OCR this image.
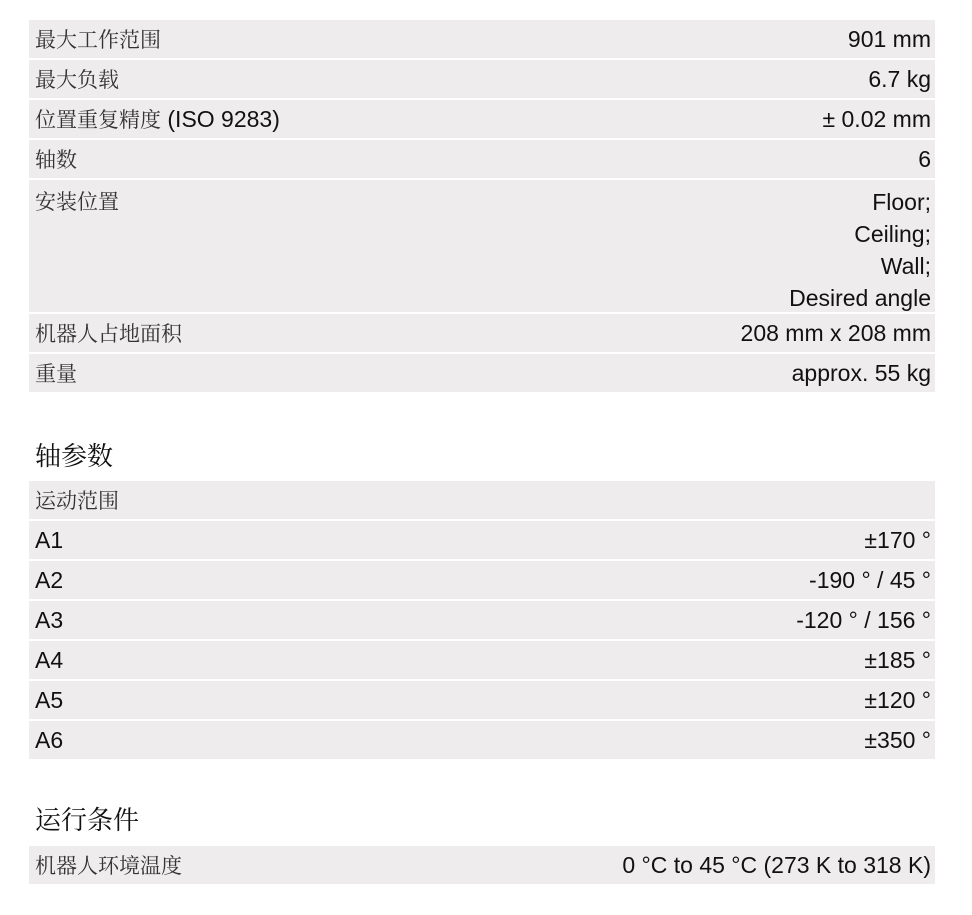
最大工作范围	901 mm
最大负载	6.7 kg
位置重复精度 (ISO 9283)	± 0.02 mm
轴数	6
安装位置	Floor;
Ceiling;
Wall;
Desired angle
机器人占地面积	208 mm x 208 mm
重量	approx. 55 kg
轴参数
运动范围
A1	±170 °
A2	-190 ° / 45 °
A3	-120 ° / 156 °
A4	±185 °
A5	±120 °
A6	±350 °
运行条件
机器人环境温度	0 °C to 45 °C (273 K to 318 K)
